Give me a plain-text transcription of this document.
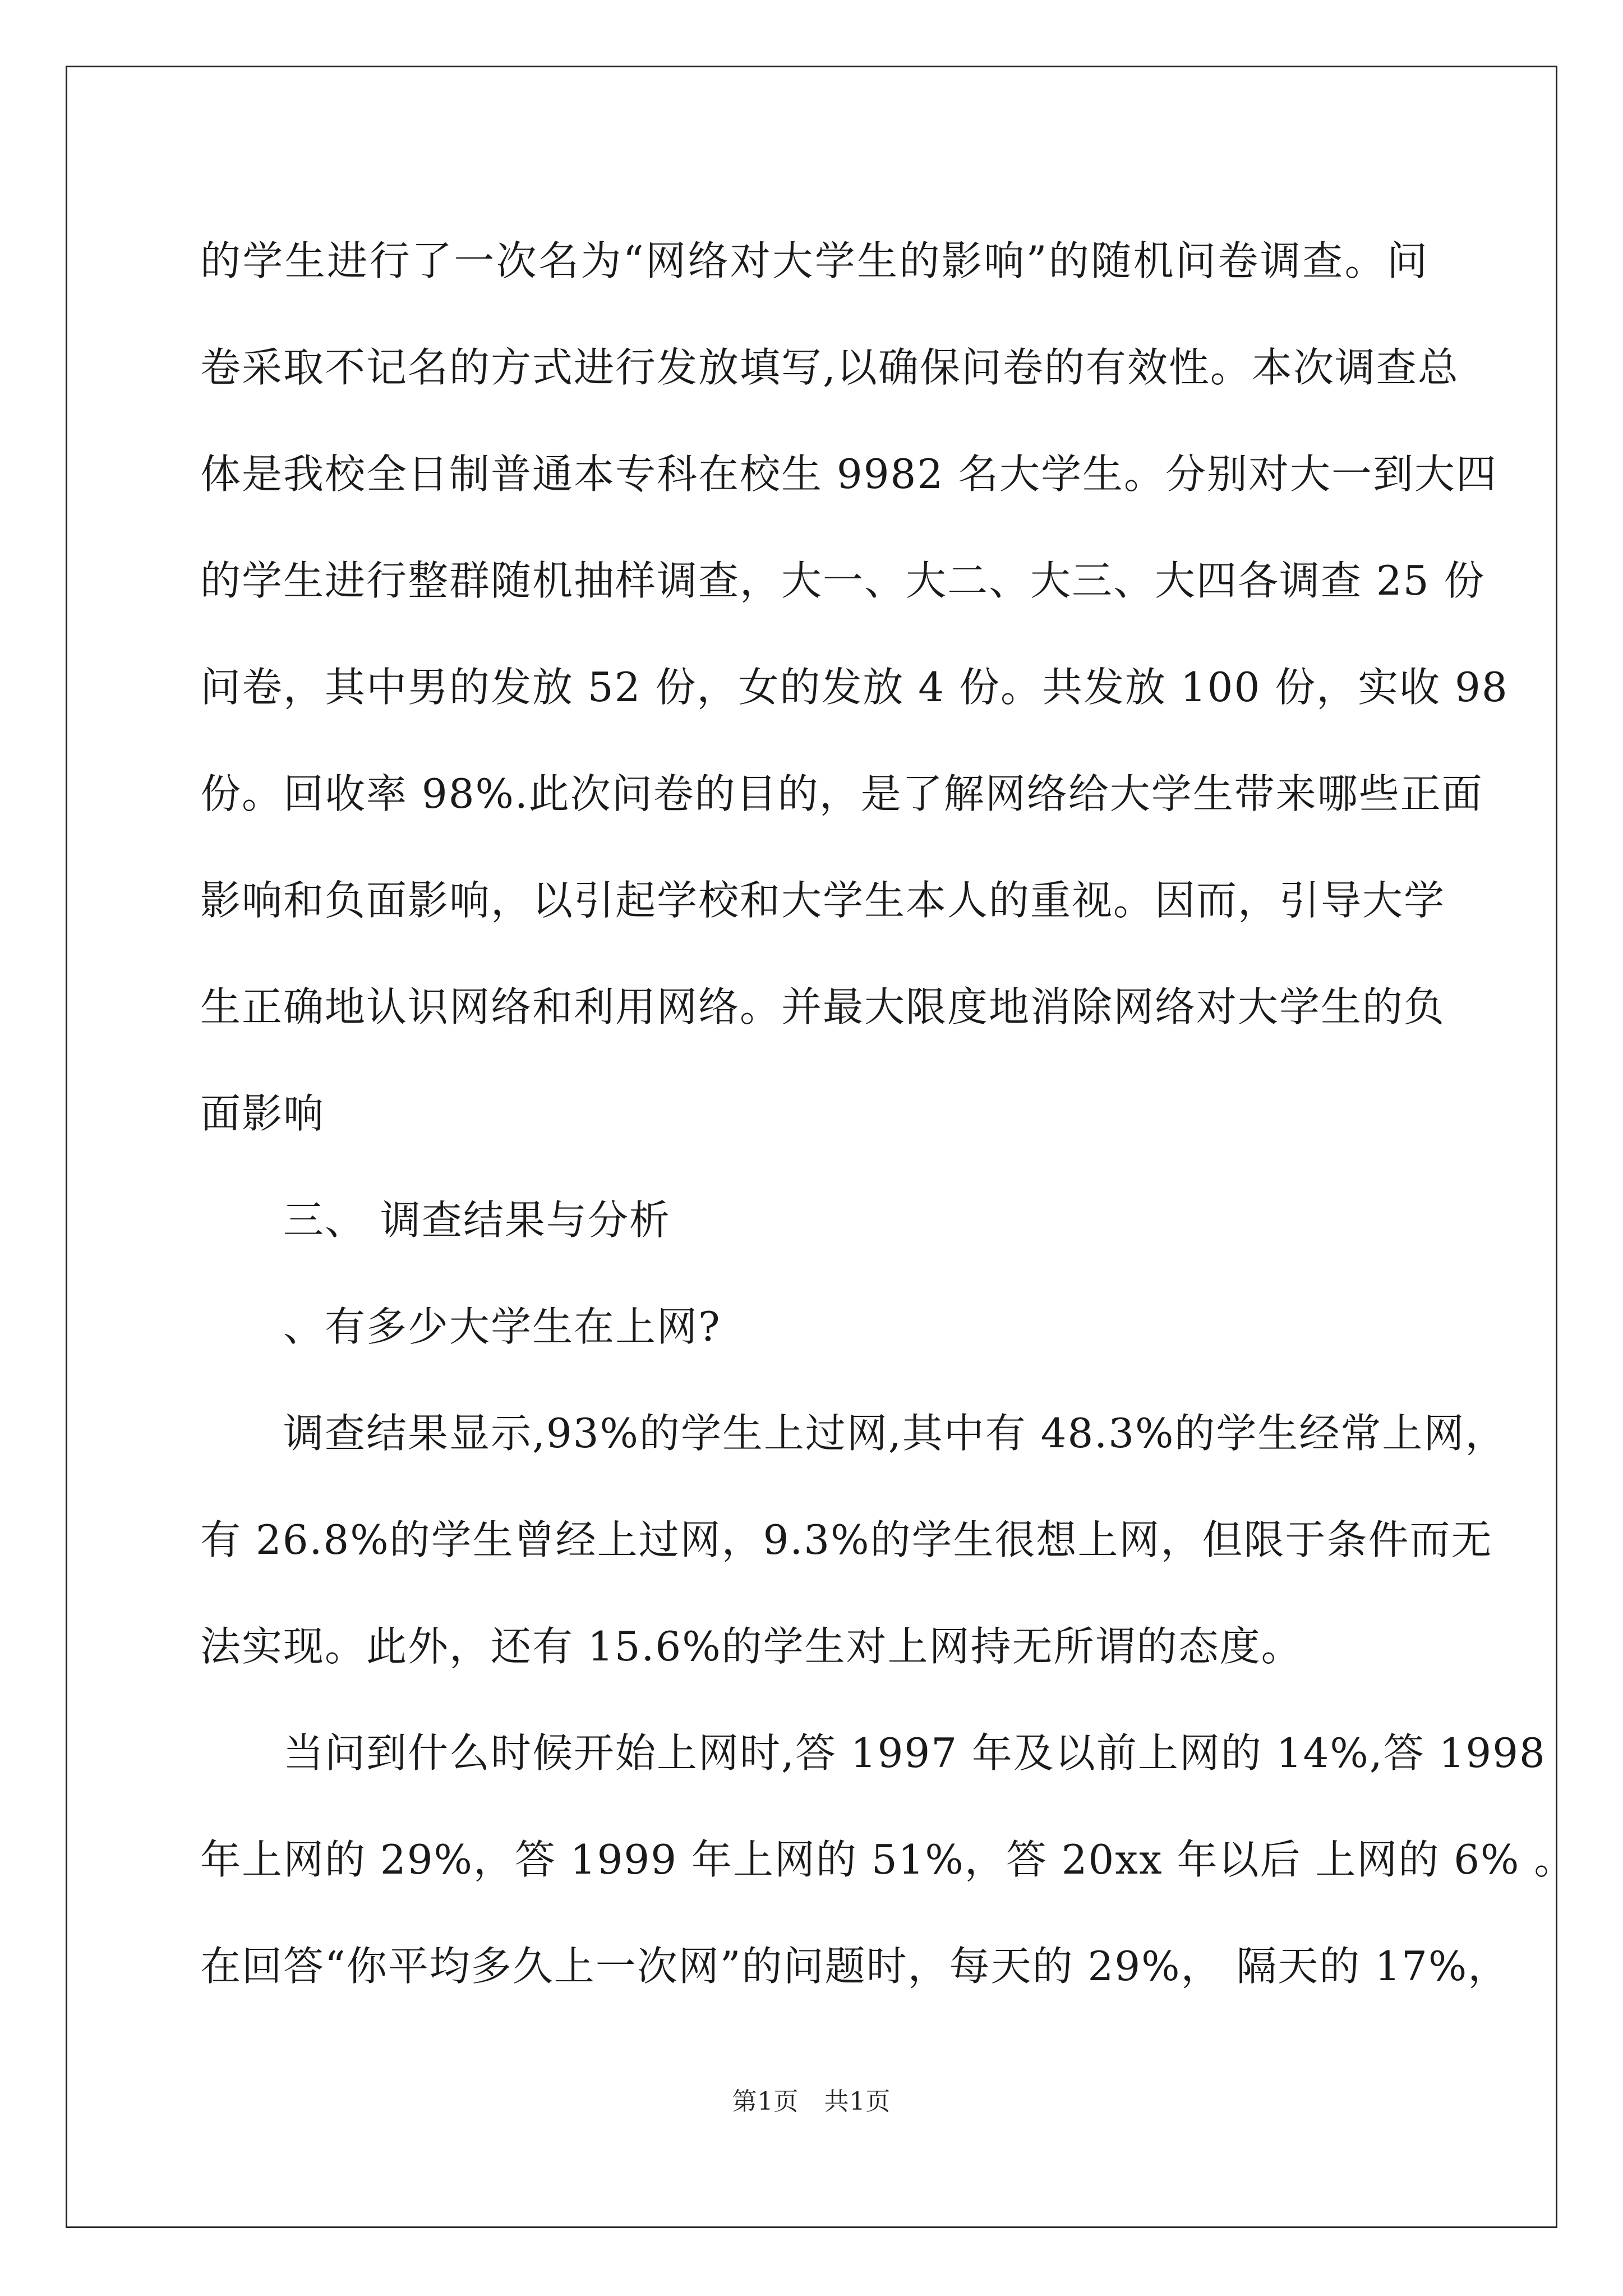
的学生进行了一次名为“网络对大学生的影响”的随机问卷调查。问
卷采取不记名的方式进行发放填写,以确保问卷的有效性。本次调查总
体是我校全日制普通本专科在校生 9982 名大学生。分别对大一到大四
的学生进行整群随机抽样调查，大一、大二、大三、大四各调查 25 份
问卷，其中男的发放 52 份，女的发放 4 份。共发放 100 份，实收 98
份。回收率 98%.此次问卷的目的，是了解网络给大学生带来哪些正面
影响和负面影响，以引起学校和大学生本人的重视。因而，引导大学
生正确地认识网络和利用网络。并最大限度地消除网络对大学生的负
面影响
三、 调查结果与分析
、有多少大学生在上网?
调查结果显示,93%的学生上过网,其中有 48.3%的学生经常上网，
有 26.8%的学生曾经上过网，9.3%的学生很想上网，但限于条件而无
法实现。此外，还有 15.6%的学生对上网持无所谓的态度。
当问到什么时候开始上网时,答 1997 年及以前上网的 14%,答 1998
年上网的 29%，答 1999 年上网的 51%，答 20xx 年以后 上网的 6% 。
在回答“你平均多久上一次网”的问题时，每天的 29%， 隔天的 17%，
第1页　共1页
